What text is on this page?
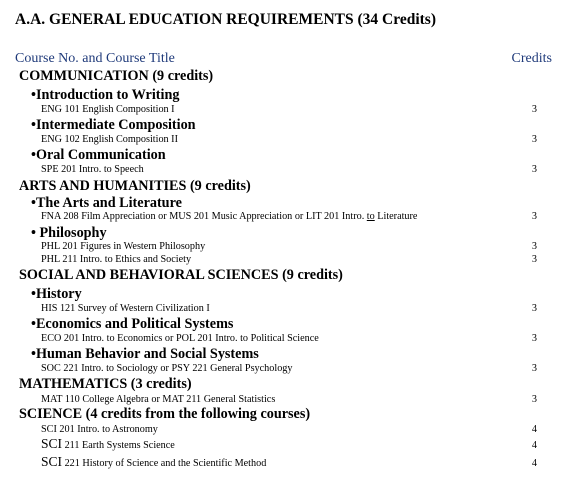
A.A. GENERAL EDUCATION REQUIREMENTS (34 Credits)
Course No. and Course Title	Credits
COMMUNICATION (9 credits)
•Introduction to Writing
ENG 101 English Composition I	3
•Intermediate Composition
ENG 102 English Composition II	3
•Oral Communication
SPE 201 Intro. to Speech	3
ARTS AND HUMANITIES (9 credits)
•The Arts and Literature
FNA 208 Film Appreciation or MUS 201 Music Appreciation or LIT 201 Intro. to Literature	3
• Philosophy
PHL 201 Figures in Western Philosophy	3
PHL 211 Intro. to Ethics and Society	3
SOCIAL AND BEHAVIORAL SCIENCES (9 credits)
•History
HIS 121 Survey of Western Civilization I	3
•Economics and Political Systems
ECO 201 Intro. to Economics or POL 201 Intro. to Political Science	3
•Human Behavior and Social Systems
SOC 221 Intro. to Sociology or PSY 221 General Psychology	3
MATHEMATICS (3 credits)
MAT 110 College Algebra or MAT 211 General Statistics	3
SCIENCE (4 credits from the following courses)
SCI 201 Intro. to Astronomy	4
SCI 211 Earth Systems Science	4
SCI 221 History of Science and the Scientific Method	4
